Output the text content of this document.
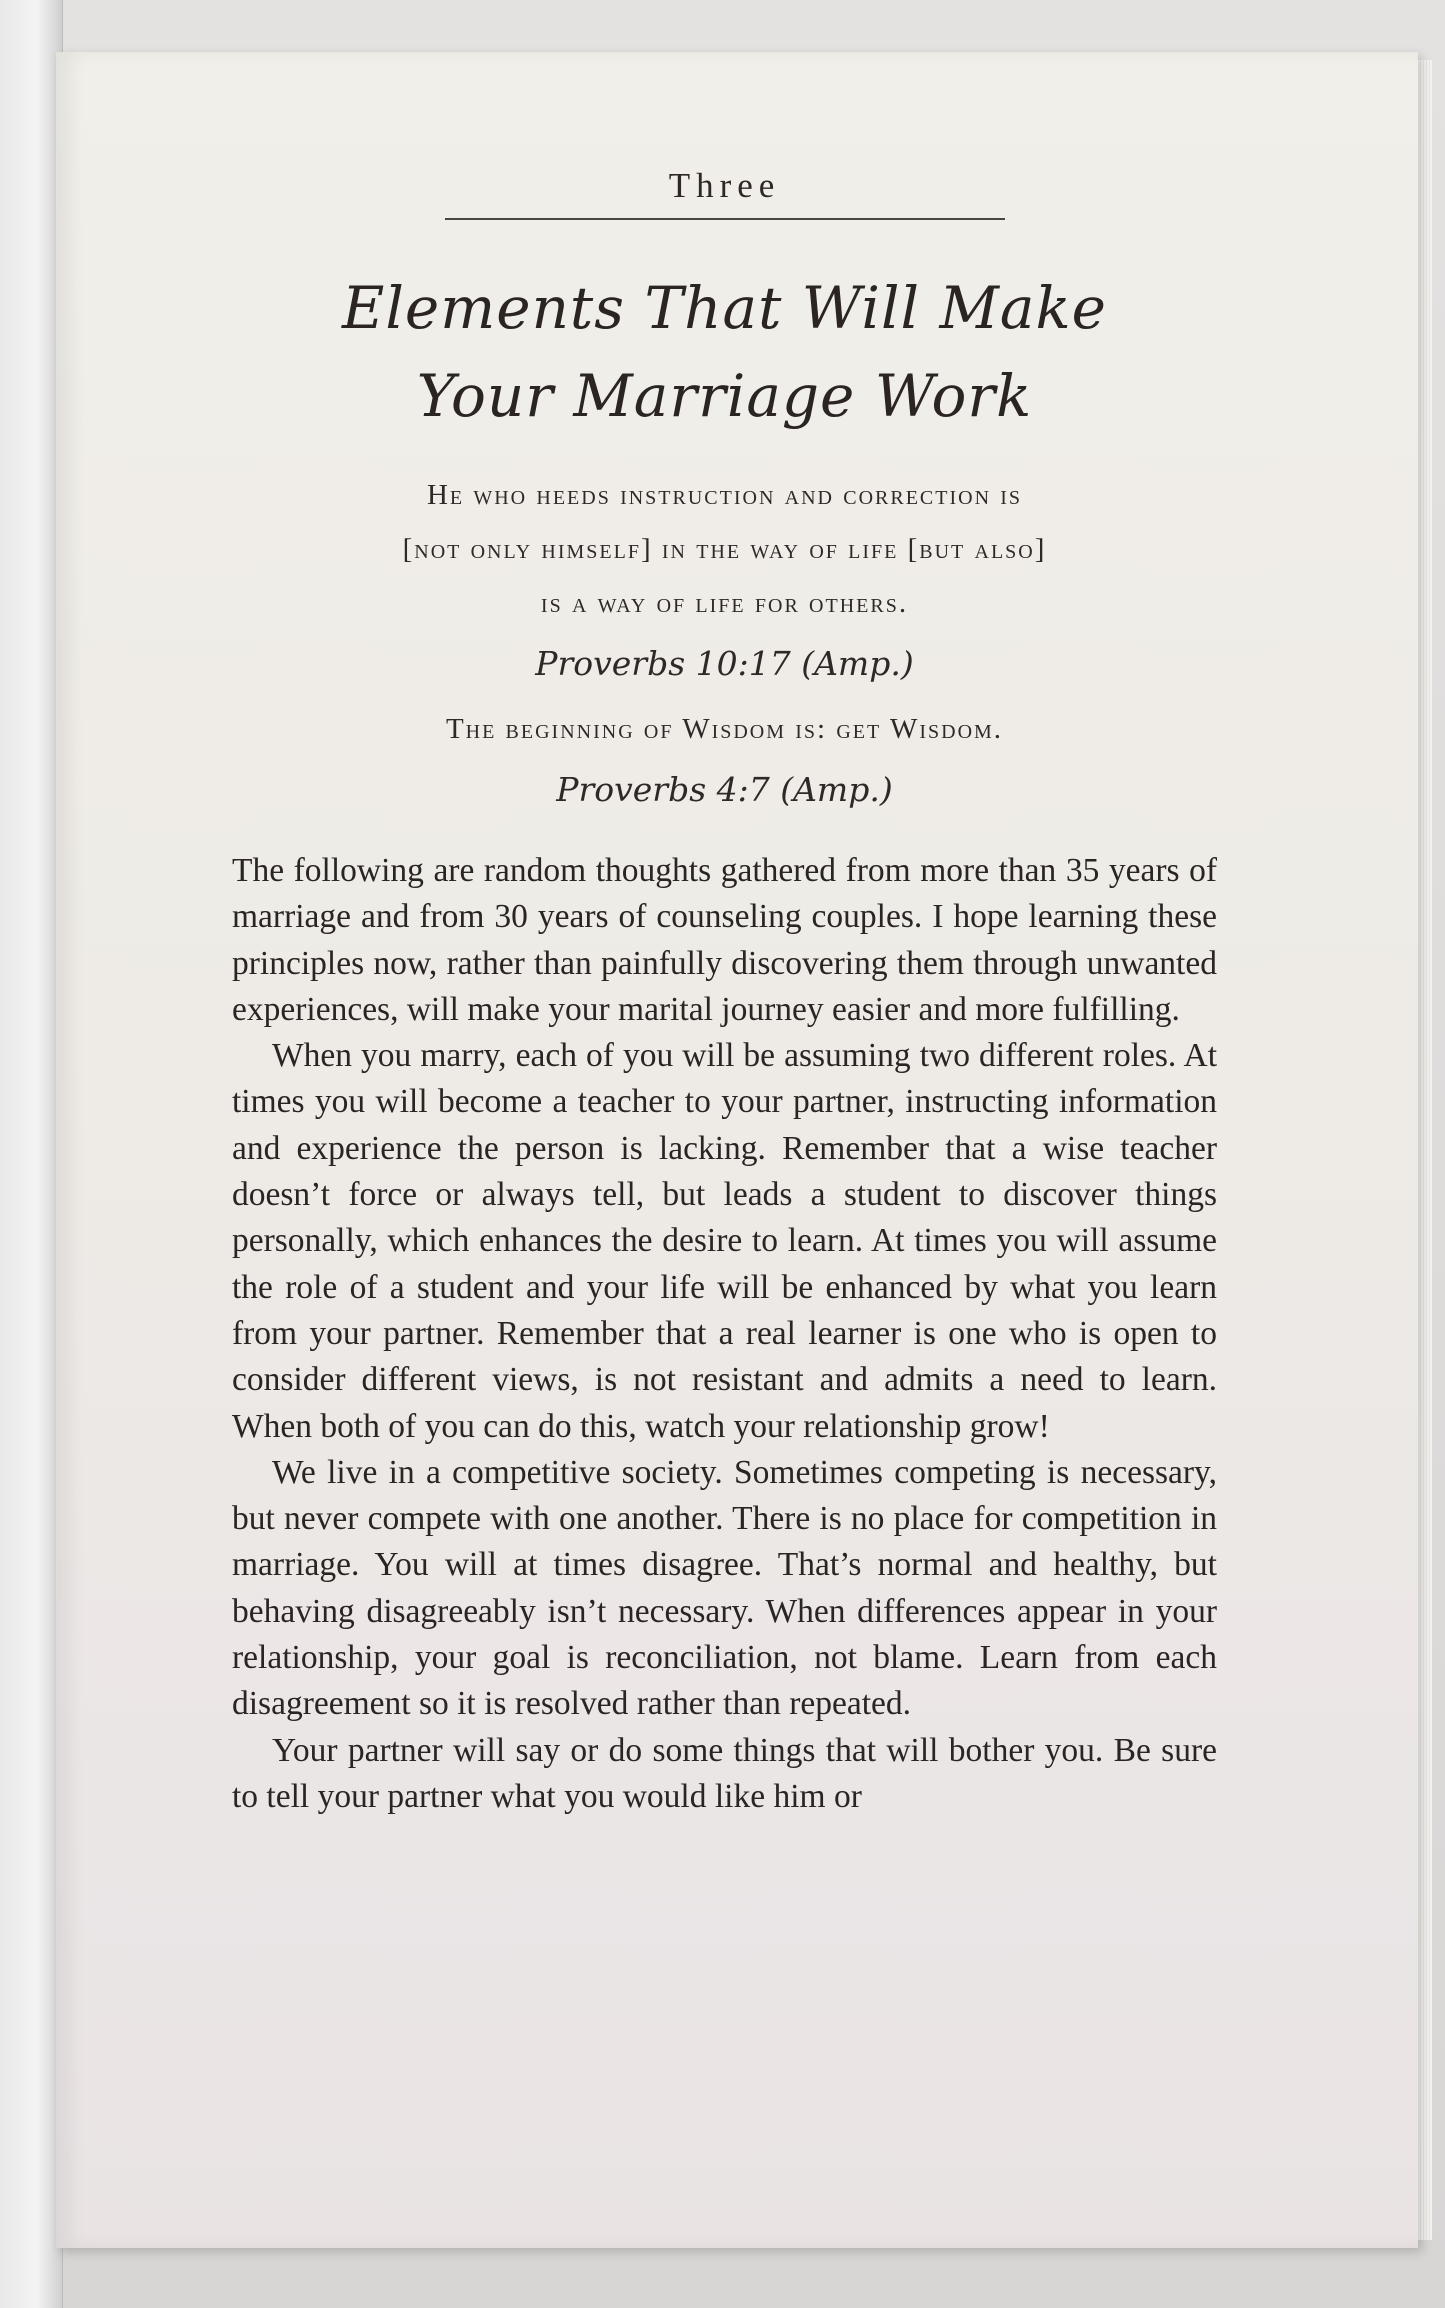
Three
Elements That Will Make
Your Marriage Work
He who heeds instruction and correction is
[not only himself] in the way of life [but also]
is a way of life for others.
Proverbs 10:17 (Amp.)
The beginning of Wisdom is: get Wisdom.
Proverbs 4:7 (Amp.)

The following are random thoughts gathered from more than 35 years of marriage and from 30 years of counseling couples. I hope learning these principles now, rather than painfully discovering them through unwanted experiences, will make your marital journey easier and more fulfilling.

When you marry, each of you will be assuming two different roles. At times you will become a teacher to your partner, instructing information and experience the person is lacking. Remember that a wise teacher doesn’t force or always tell, but leads a student to discover things personally, which enhances the desire to learn. At times you will assume the role of a student and your life will be enhanced by what you learn from your partner. Remember that a real learner is one who is open to consider different views, is not resistant and admits a need to learn. When both of you can do this, watch your relationship grow!

We live in a competitive society. Sometimes competing is necessary, but never compete with one another. There is no place for competition in marriage. You will at times disagree. That’s normal and healthy, but behaving disagreeably isn’t necessary. When differences appear in your relationship, your goal is reconciliation, not blame. Learn from each disagreement so it is resolved rather than repeated.

Your partner will say or do some things that will bother you. Be sure to tell your partner what you would like him or
